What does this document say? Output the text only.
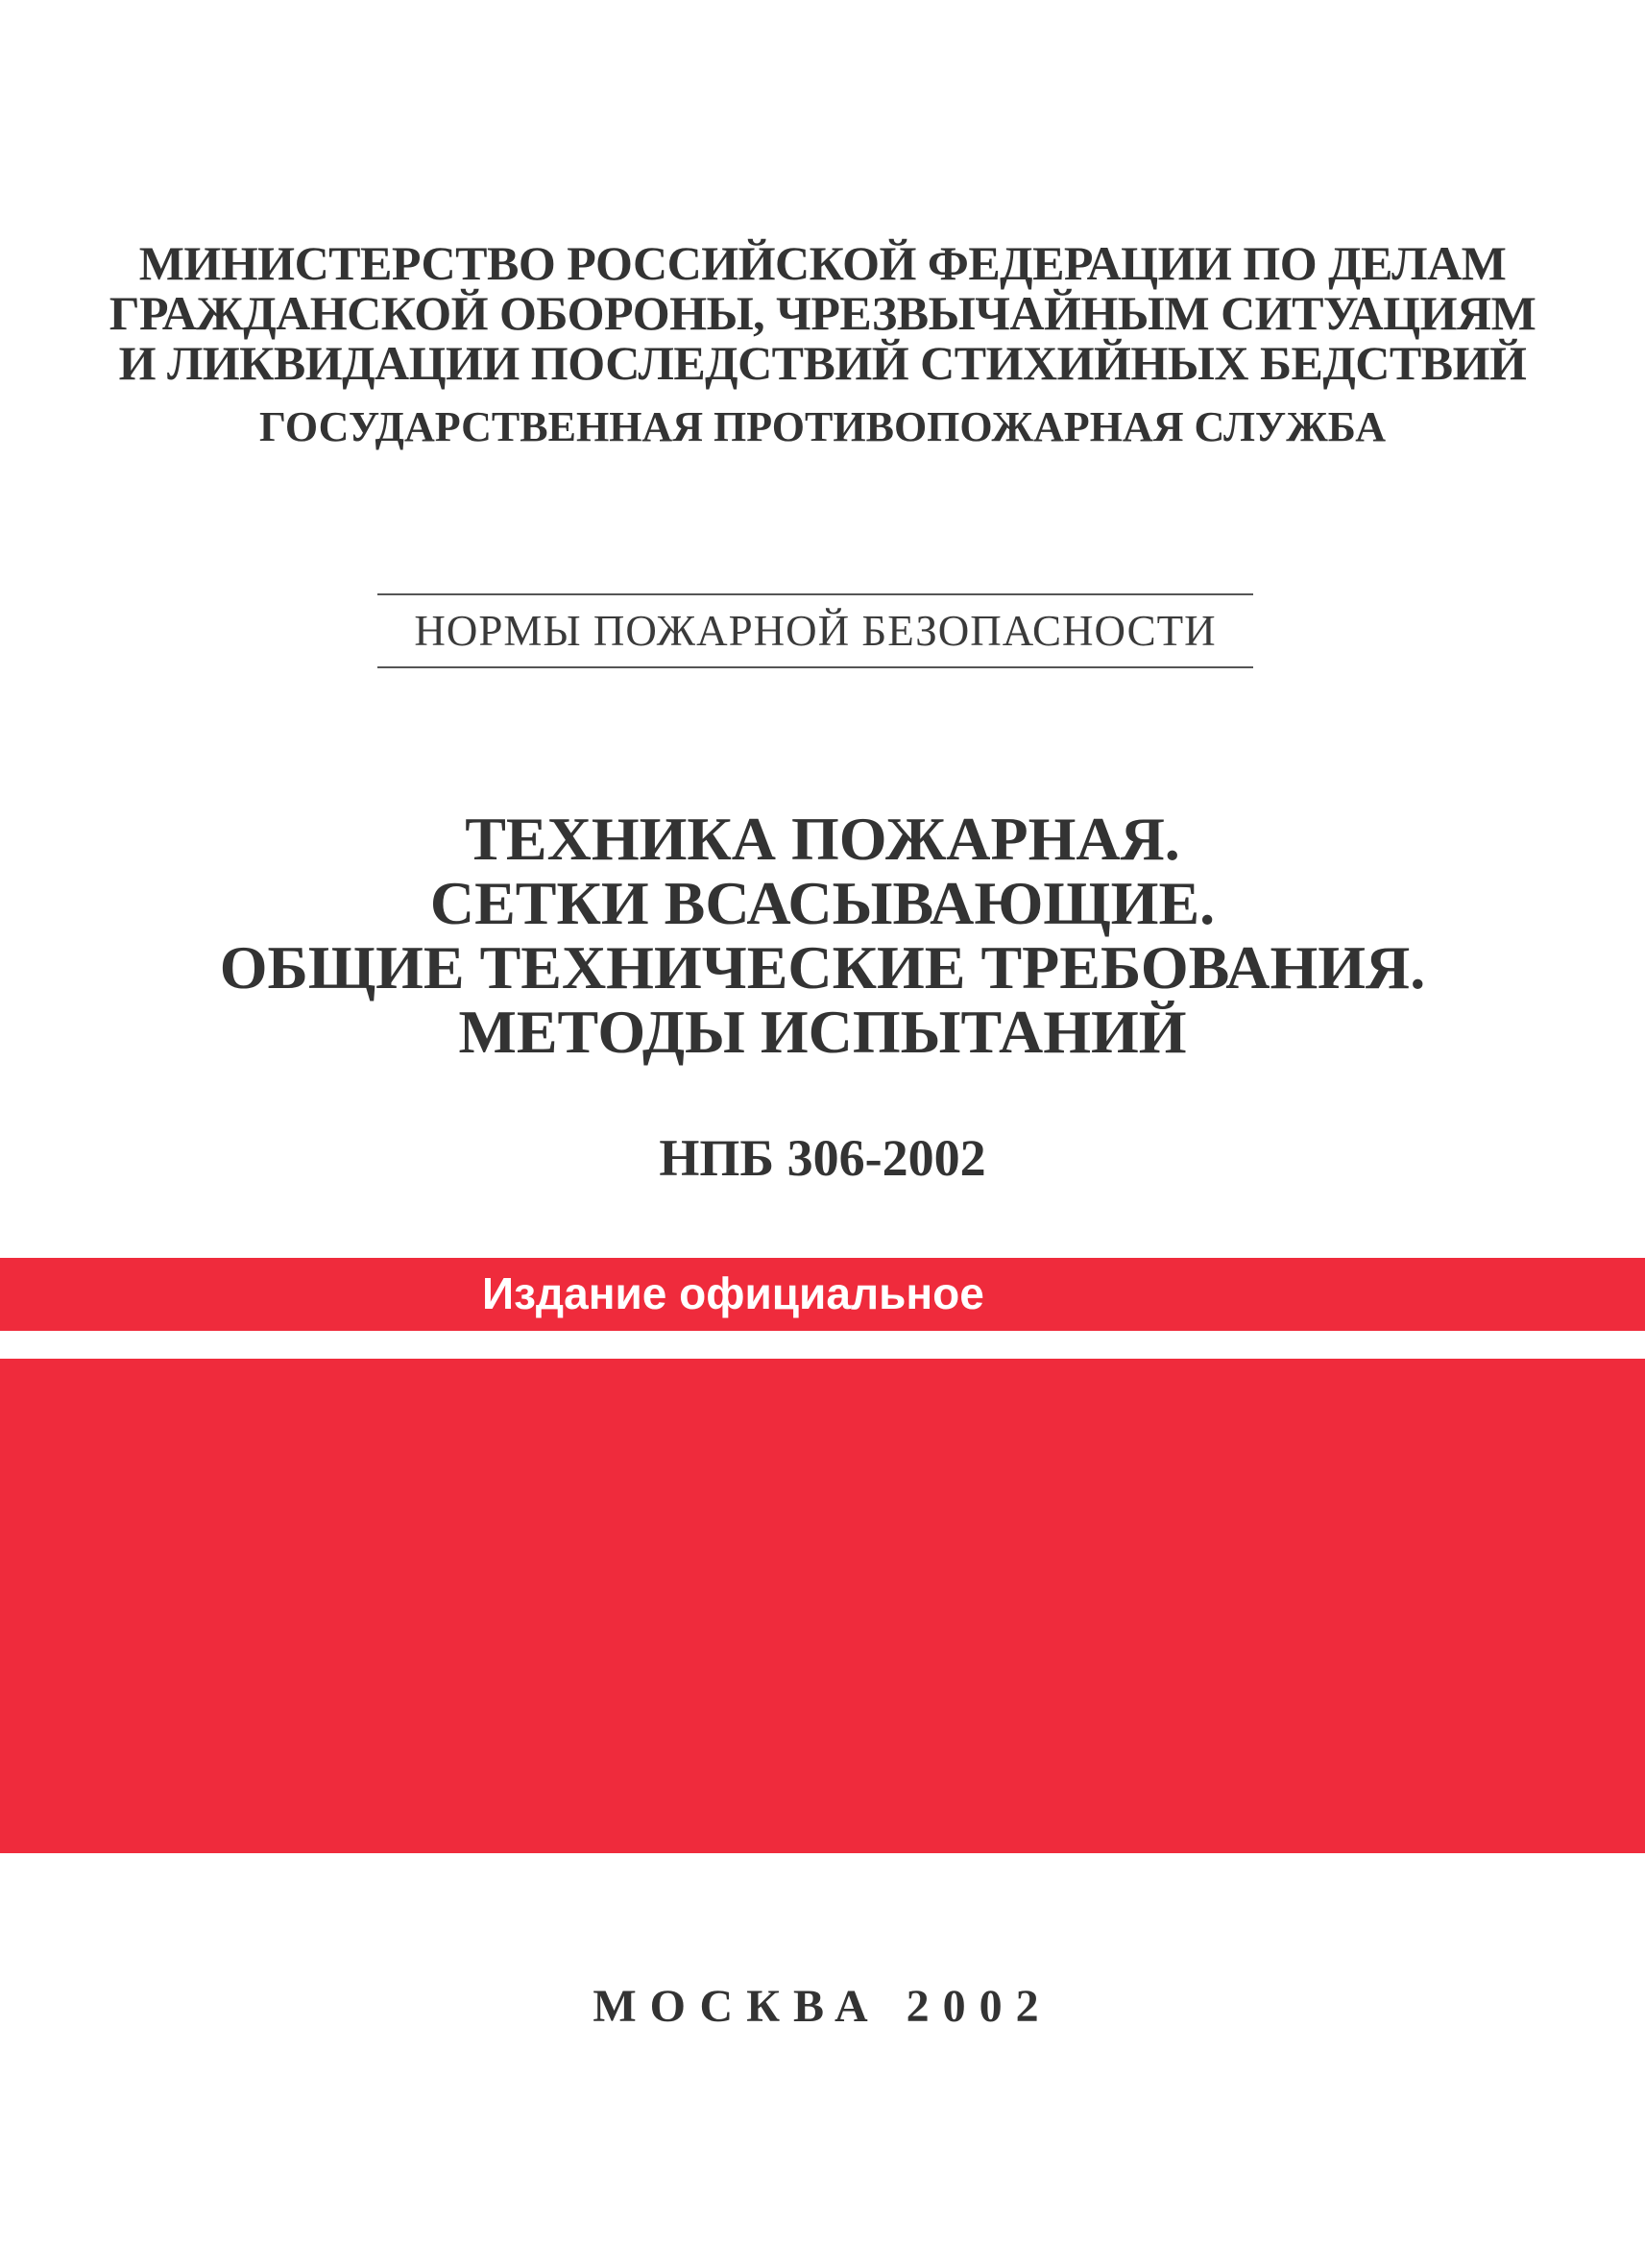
МИНИСТЕРСТВО РОССИЙСКОЙ ФЕДЕРАЦИИ ПО ДЕЛАМ
ГРАЖДАНСКОЙ ОБОРОНЫ, ЧРЕЗВЫЧАЙНЫМ СИТУАЦИЯМ
И ЛИКВИДАЦИИ ПОСЛЕДСТВИЙ СТИХИЙНЫХ БЕДСТВИЙ
ГОСУДАРСТВЕННАЯ ПРОТИВОПОЖАРНАЯ СЛУЖБА
НОРМЫ ПОЖАРНОЙ БЕЗОПАСНОСТИ
ТЕХНИКА ПОЖАРНАЯ.
СЕТКИ ВСАСЫВАЮЩИЕ.
ОБЩИЕ ТЕХНИЧЕСКИЕ ТРЕБОВАНИЯ.
МЕТОДЫ ИСПЫТАНИЙ
НПБ 306-2002
Издание официальное
МОСКВА 2002
